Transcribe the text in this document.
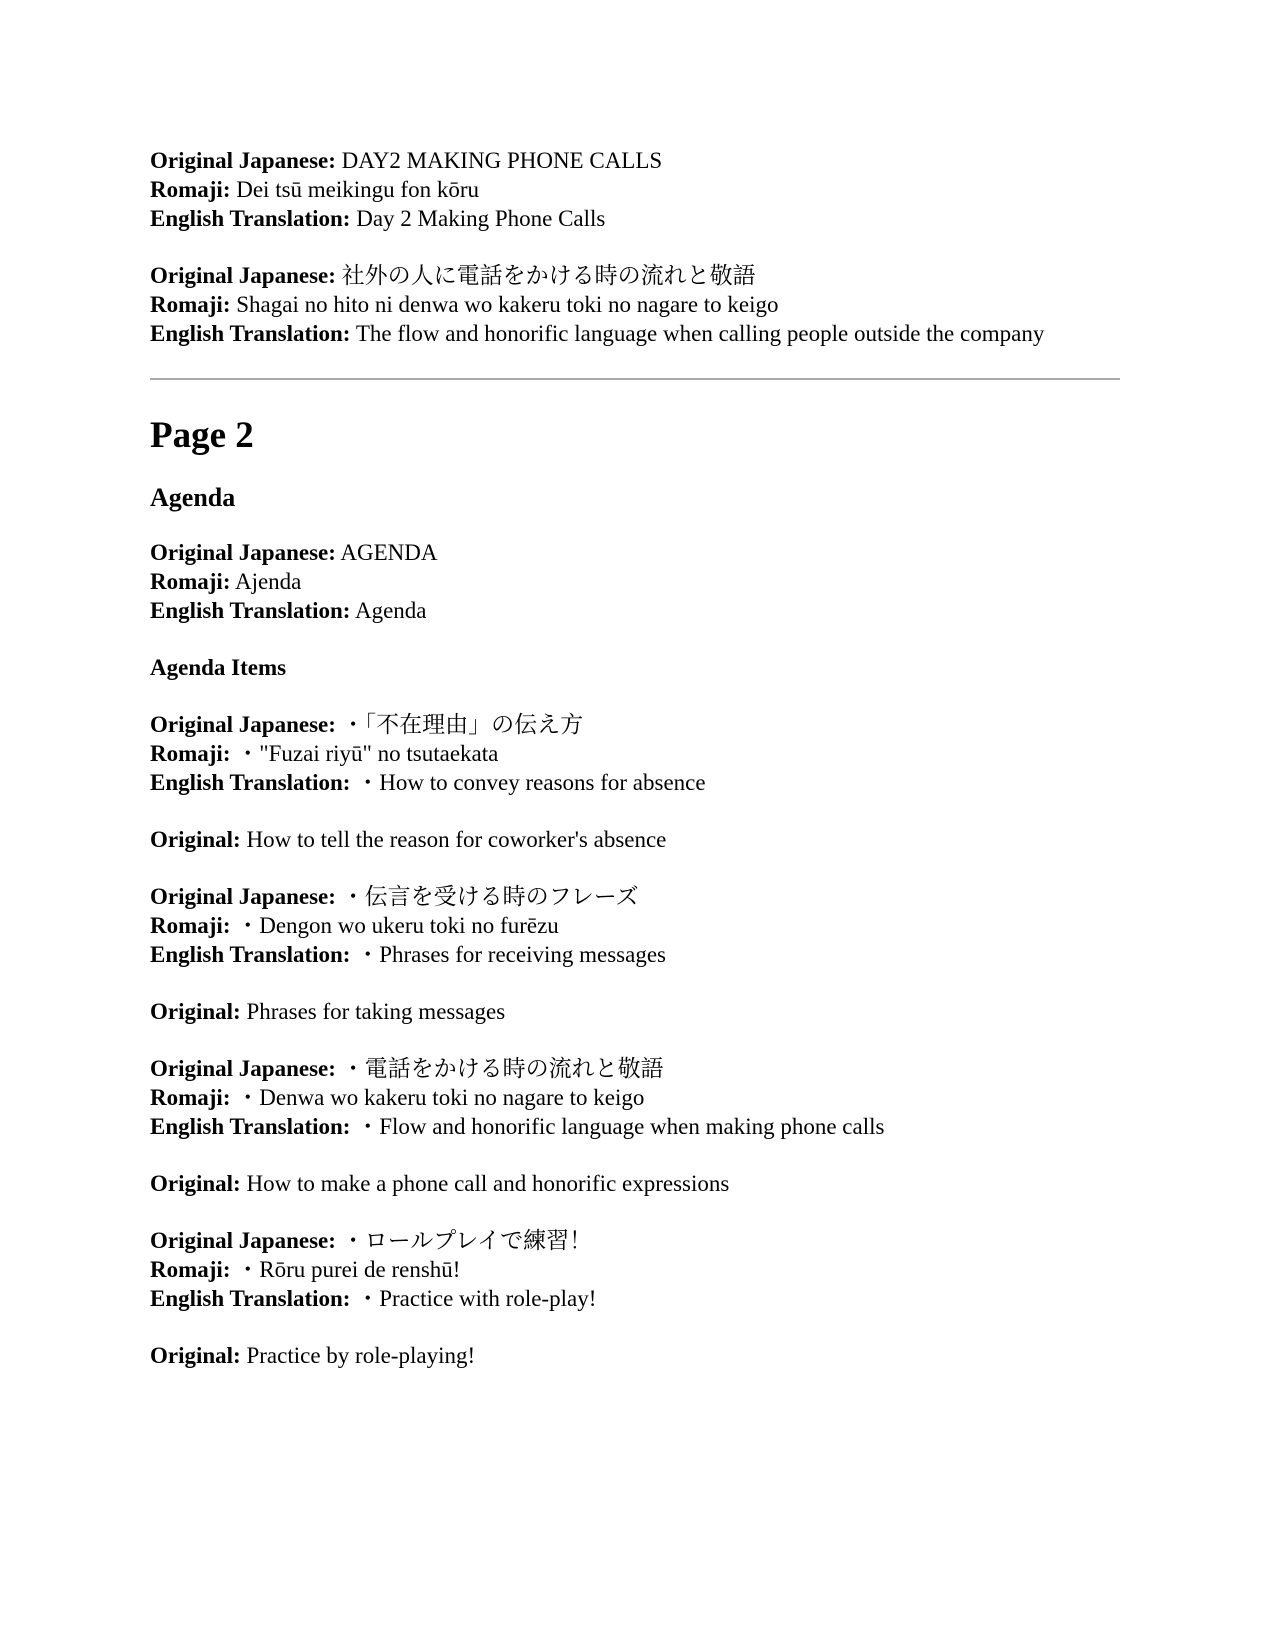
Original Japanese: DAY2 MAKING PHONE CALLS
Romaji: Dei tsū meikingu fon kōru
English Translation: Day 2 Making Phone Calls
Original Japanese: 社外の人に電話をかける時の流れと敬語
Romaji: Shagai no hito ni denwa wo kakeru toki no nagare to keigo
English Translation: The flow and honorific language when calling people outside the company
Page 2
Agenda
Original Japanese: AGENDA
Romaji: Ajenda
English Translation: Agenda
Agenda Items
Original Japanese: ・「不在理由」の伝え方
Romaji: ・"Fuzai riyū" no tsutaekata
English Translation: ・How to convey reasons for absence
Original: How to tell the reason for coworker's absence
Original Japanese: ・伝言を受ける時のフレーズ
Romaji: ・Dengon wo ukeru toki no furēzu
English Translation: ・Phrases for receiving messages
Original: Phrases for taking messages
Original Japanese: ・電話をかける時の流れと敬語
Romaji: ・Denwa wo kakeru toki no nagare to keigo
English Translation: ・Flow and honorific language when making phone calls
Original: How to make a phone call and honorific expressions
Original Japanese: ・ロールプレイで練習！
Romaji: ・Rōru purei de renshū!
English Translation: ・Practice with role-play!
Original: Practice by role-playing!
